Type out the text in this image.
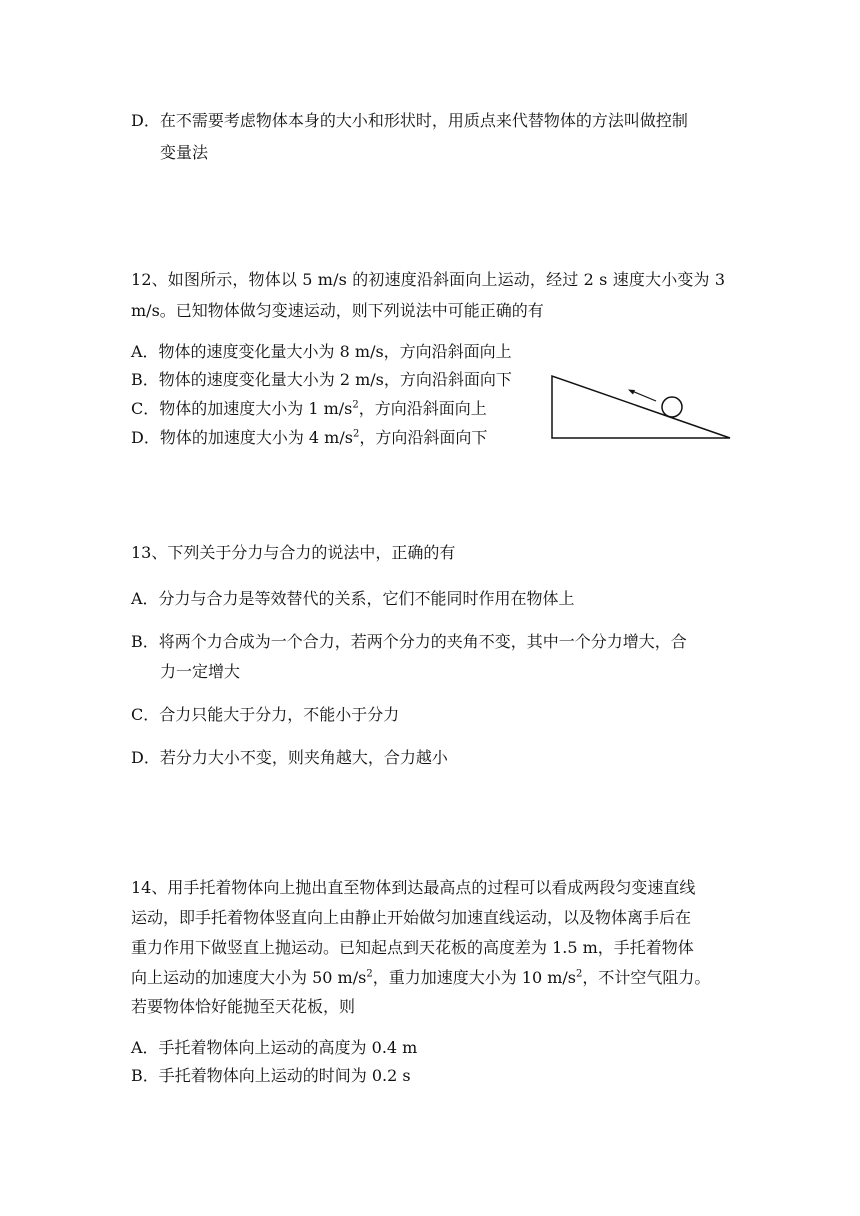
D．在不需要考虑物体本身的大小和形状时，用质点来代替物体的方法叫做控制
变量法
12、如图所示，物体以 5 m/s 的初速度沿斜面向上运动，经过 2 s 速度大小变为 3
m/s。已知物体做匀变速运动，则下列说法中可能正确的有
A．物体的速度变化量大小为 8 m/s，方向沿斜面向上
B．物体的速度变化量大小为 2 m/s，方向沿斜面向下
C．物体的加速度大小为 1 $m/s^2$，方向沿斜面向上
D．物体的加速度大小为 4 $m/s^2$，方向沿斜面向下
13、下列关于分力与合力的说法中，正确的有
A．分力与合力是等效替代的关系，它们不能同时作用在物体上
B．将两个力合成为一个合力，若两个分力的夹角不变，其中一个分力增大，合
力一定增大
C．合力只能大于分力，不能小于分力
D．若分力大小不变，则夹角越大，合力越小
14、用手托着物体向上抛出直至物体到达最高点的过程可以看成两段匀变速直线
运动，即手托着物体竖直向上由静止开始做匀加速直线运动，以及物体离手后在
重力作用下做竖直上抛运动。已知起点到天花板的高度差为 1.5 m，手托着物体
向上运动的加速度大小为 50 $m/s^2$，重力加速度大小为 10 $m/s^2$，不计空气阻力。
若要物体恰好能抛至天花板，则
A．手托着物体向上运动的高度为 0.4 m
B．手托着物体向上运动的时间为 0.2 s
